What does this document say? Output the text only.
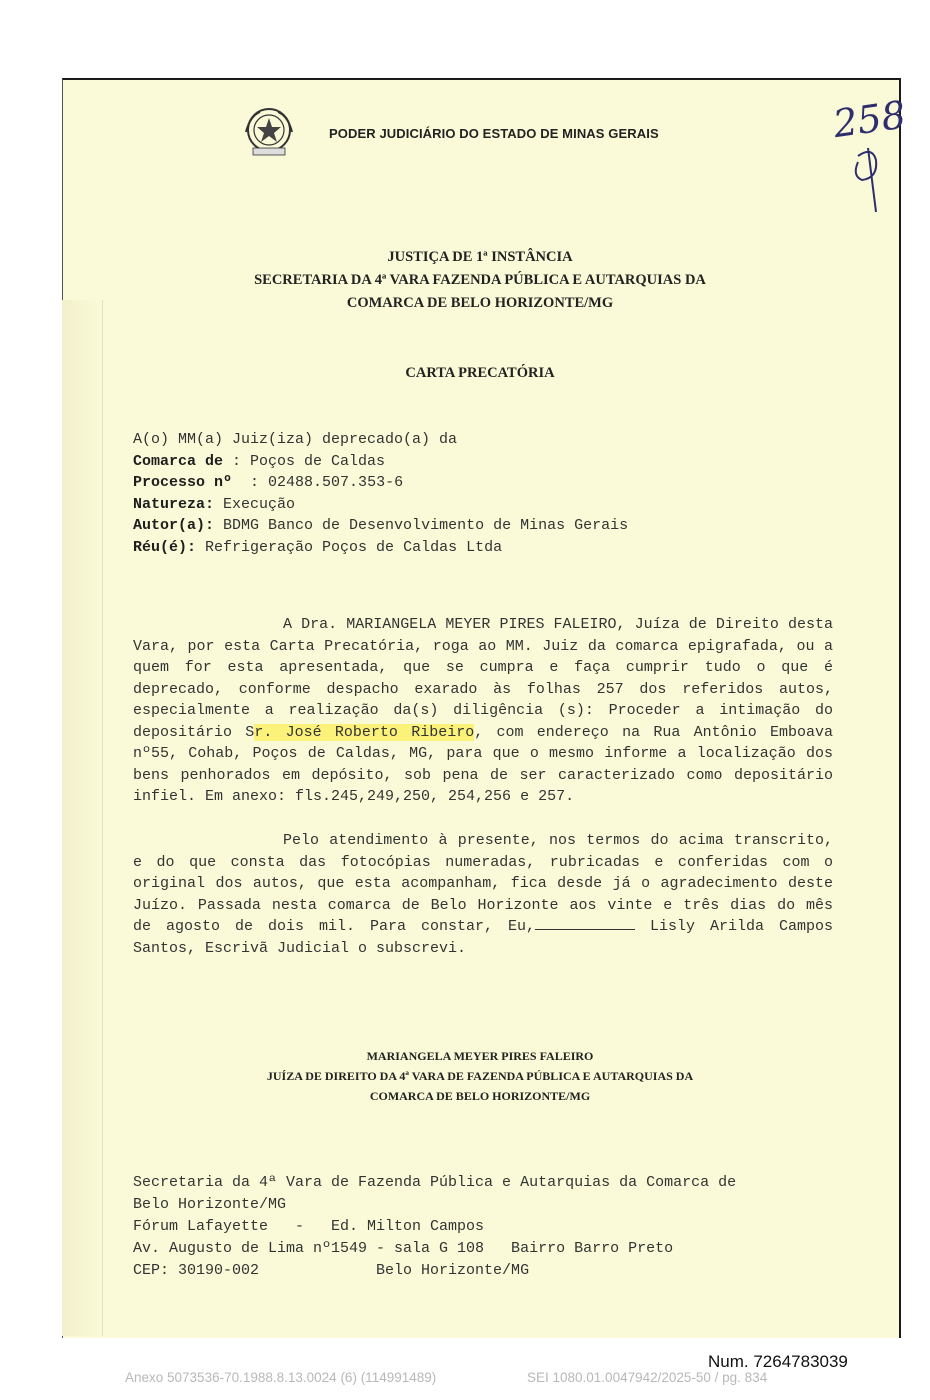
PODER JUDICIÁRIO DO ESTADO DE MINAS GERAIS	258
JUSTIÇA DE 1ª INSTÂNCIA
SECRETARIA DA 4ª VARA FAZENDA PÚBLICA E AUTARQUIAS DA
COMARCA DE BELO HORIZONTE/MG
CARTA PRECATÓRIA
A(o) MM(a) Juiz(iza) deprecado(a) da
Comarca de : Poços de Caldas
Processo nº  : 02488.507.353-6
Natureza: Execução
Autor(a): BDMG Banco de Desenvolvimento de Minas Gerais
Réu(é): Refrigeração Poços de Caldas Ltda
A Dra. MARIANGELA MEYER PIRES FALEIRO, Juíza de Direito desta Vara, por esta Carta Precatória, roga ao MM. Juiz da comarca epigrafada, ou a quem for esta apresentada, que se cumpra e faça cumprir tudo o que é deprecado, conforme despacho exarado às folhas 257 dos referidos autos, especialmente a realização da(s) diligência (s): Proceder a intimação do depositário Sr. José Roberto Ribeiro, com endereço na Rua Antônio Emboava nº55, Cohab, Poços de Caldas, MG, para que o mesmo informe a localização dos bens penhorados em depósito, sob pena de ser caracterizado como depositário infiel. Em anexo: fls.245,249,250, 254,256 e 257.
Pelo atendimento à presente, nos termos do acima transcrito, e do que consta das fotocópias numeradas, rubricadas e conferidas com o original dos autos, que esta acompanham, fica desde já o agradecimento deste Juízo. Passada nesta comarca de Belo Horizonte aos vinte e três dias do mês de agosto de dois mil. Para constar, Eu,	Lisly Arilda Campos Santos, Escrivã Judicial o subscrevi.
MARIANGELA MEYER PIRES FALEIRO
JUÍZA DE DIREITO DA 4ª VARA DE FAZENDA PÚBLICA E AUTARQUIAS DA
COMARCA DE BELO HORIZONTE/MG
Secretaria da 4ª Vara de Fazenda Pública e Autarquias da Comarca de
Belo Horizonte/MG
Fórum Lafayette   -   Ed. Milton Campos
Av. Augusto de Lima nº1549 - sala G 108   Bairro Barro Preto
CEP: 30190-002             Belo Horizonte/MG
Num. 7264783039
Anexo 5073536-70.1988.8.13.0024 (6) (114991489)	SEI 1080.01.0047942/2025-50 / pg. 834
